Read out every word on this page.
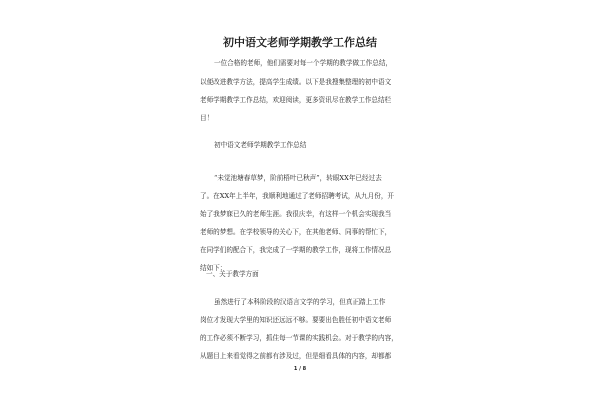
初中语文老师学期教学工作总结
一位合格的老师，他们需要对每一个学期的教学做工作总结，
以便改进教学方法，提高学生成绩。以下是我搜集整理的初中语文
老师学期教学工作总结，欢迎阅读，更多资讯尽在教学工作总结栏
目！
初中语文老师学期教学工作总结
“未觉池塘春草梦，阶前梧叶已秋声”，转眼XX年已经过去
了。在XX年上半年，我顺利地通过了老师招聘考试，从九月份，开
始了我梦寐已久的老师生涯。我很庆幸，有这样一个机会实现我当
老师的梦想。在学校领导的关心下，在其他老师、同事的帮忙下，
在同学们的配合下，我完成了一学期的教学工作，现将工作情况总
结如下：
一、关于教学方面
虽然进行了本科阶段的汉语言文学的学习，但真正踏上工作
岗位才发现大学里的知识还远远不够。要要出色胜任初中语文老师
的工作必须不断学习，抓住每一节课的实践机会。对于教学的内容，
从题目上来看觉得之前都有涉及过，但是细看具体的内容，却都都
1 / 8
